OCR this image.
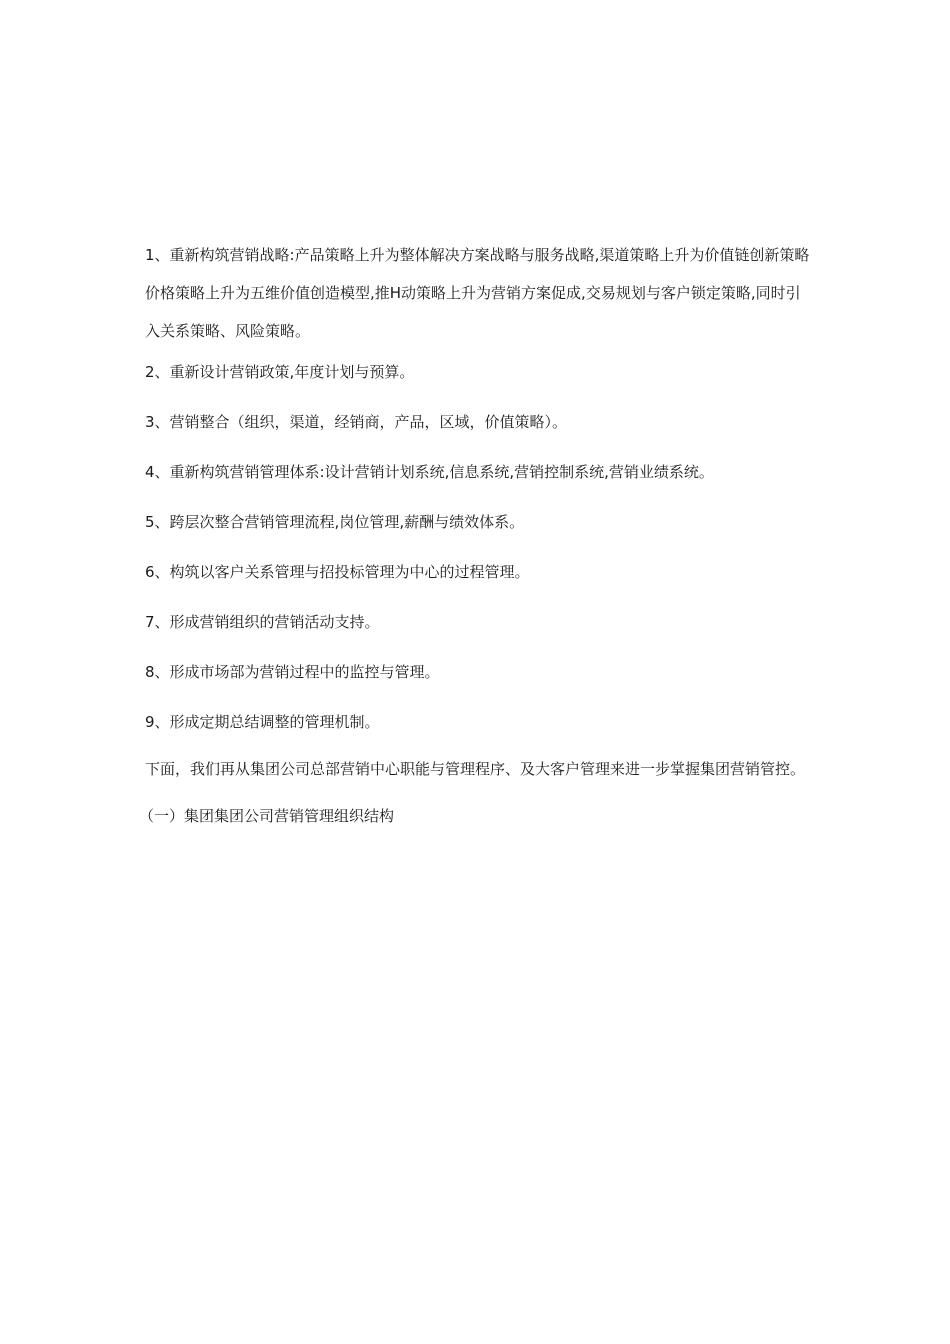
1、重新构筑营销战略:产品策略上升为整体解决方案战略与服务战略,渠道策略上升为价值链创新策略价格策略上升为五维价值创造模型,推H动策略上升为营销方案促成,交易规划与客户锁定策略,同时引入关系策略、风险策略。

2、重新设计营销政策,年度计划与预算。

3、营销整合（组织，渠道，经销商，产品，区域，价值策略）。

4、重新构筑营销管理体系:设计营销计划系统,信息系统,营销控制系统,营销业绩系统。

5、跨层次整合营销管理流程,岗位管理,薪酬与绩效体系。

6、构筑以客户关系管理与招投标管理为中心的过程管理。

7、形成营销组织的营销活动支持。

8、形成市场部为营销过程中的监控与管理。

9、形成定期总结调整的管理机制。

下面，我们再从集团公司总部营销中心职能与管理程序、及大客户管理来进一步掌握集团营销管控。

（一）集团集团公司营销管理组织结构
